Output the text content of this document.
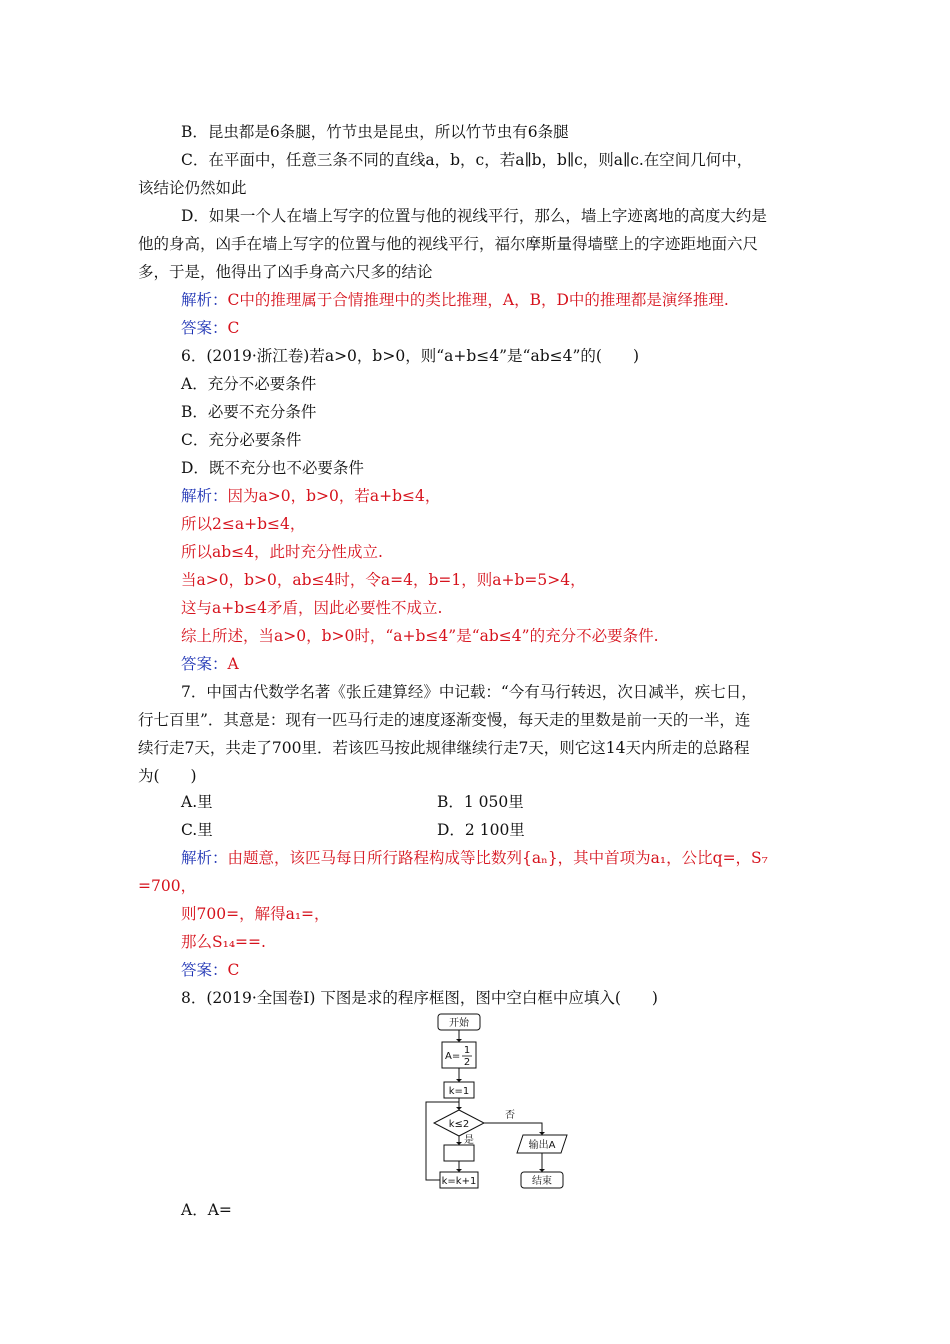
B．昆虫都是6条腿，竹节虫是昆虫，所以竹节虫有6条腿
C．在平面中，任意三条不同的直线a，b，c，若a∥b，b∥c，则a∥c.在空间几何中，
该结论仍然如此
D．如果一个人在墙上写字的位置与他的视线平行，那么，墙上字迹离地的高度大约是
他的身高，凶手在墙上写字的位置与他的视线平行，福尔摩斯量得墙壁上的字迹距地面六尺
多，于是，他得出了凶手身高六尺多的结论
解析：C中的推理属于合情推理中的类比推理，A，B，D中的推理都是演绎推理.
答案：C
6．(2019·浙江卷)若a>0，b>0，则“a+b≤4”是“ab≤4”的(　　)
A．充分不必要条件
B．必要不充分条件
C．充分必要条件
D．既不充分也不必要条件
解析：因为a>0，b>0，若a+b≤4，
所以2≤a+b≤4，
所以ab≤4，此时充分性成立.
当a>0，b>0，ab≤4时，令a=4，b=1，则a+b=5>4，
这与a+b≤4矛盾，因此必要性不成立.
综上所述，当a>0，b>0时，“a+b≤4”是“ab≤4”的充分不必要条件.
答案：A
7．中国古代数学名著《张丘建算经》中记载：“今有马行转迟，次日减半，疾七日，
行七百里”．其意是：现有一匹马行走的速度逐渐变慢，每天走的里数是前一天的一半，连
续行走7天，共走了700里．若该匹马按此规律继续行走7天，则它这14天内所走的总路程
为(　　)
A.里	B．1 050里
C.里	D．2 100里
解析：由题意，该匹马每日所行路程构成等比数列{aₙ}，其中首项为a₁，公比q=，S₇
=700，
则700=，解得a₁=，
那么S₁₄==.
答案：C
8．(2019·全国卷Ⅰ) 下图是求的程序框图，图中空白框中应填入(　　)
开始
A=
1
2
k=1
k≤2
否
是	输出A
k=k+1	结束
A．A=
